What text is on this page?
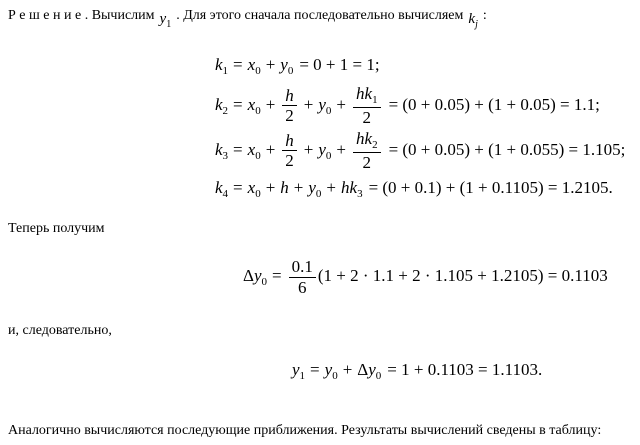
Р е ш е н и е . Вычислим $y_1$. Для этого сначала последовательно вычисляем $k_j$:

$k_1 = x_0 + y_0 = 0 + 1 = 1$;
$k_2 = x_0 + \frac{h}{2} + y_0 + \frac{hk_1}{2} = (0 + 0.05) + (1 + 0.05) = 1.1$;
$k_3 = x_0 + \frac{h}{2} + y_0 + \frac{hk_2}{2} = (0 + 0.05) + (1 + 0.055) = 1.105$;
$k_4 = x_0 + h + y_0 + hk_3 = (0 + 0.1) + (1 + 0.1105) = 1.2105$.

Теперь получим

$\Delta y_0 = \frac{0.1}{6} (1 + 2 \cdot 1.1 + 2 \cdot 1.105 + 1.2105) = 0.1103$

и, следовательно,

$y_1 = y_0 + \Delta y_0 = 1 + 0.1103 = 1.1103$.

Аналогично вычисляются последующие приближения. Результаты вычислений сведены в таблицу:
